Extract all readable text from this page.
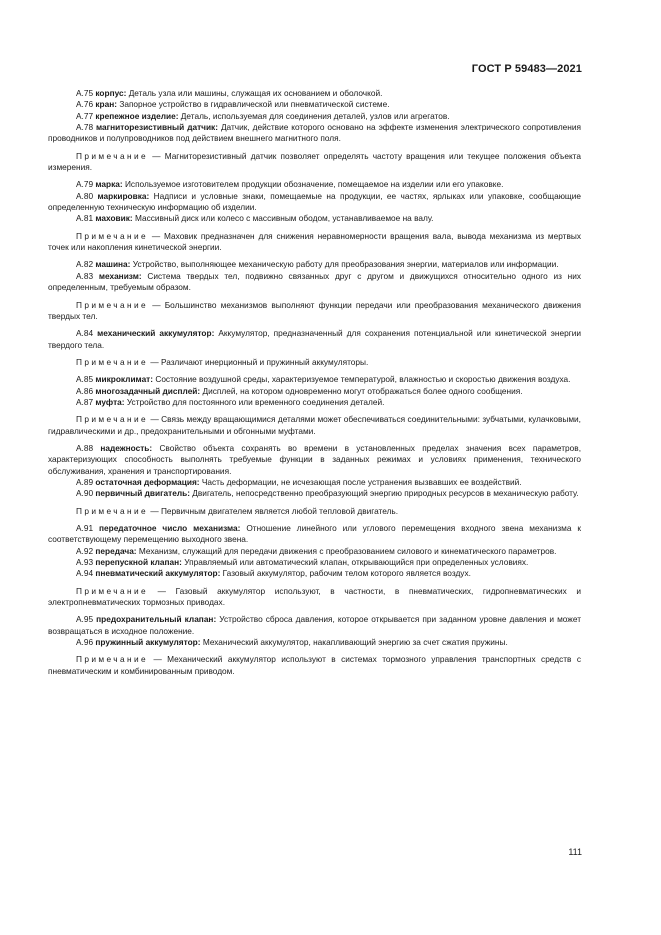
ГОСТ Р 59483—2021

А.75 корпус: Деталь узла или машины, служащая их основанием и оболочкой.

А.76 кран: Запорное устройство в гидравлической или пневматической системе.

А.77 крепежное изделие: Деталь, используемая для соединения деталей, узлов или агрегатов.

А.78 магниторезистивный датчик: Датчик, действие которого основано на эффекте изменения электрического сопротивления проводников и полупроводников под действием внешнего магнитного поля.

Примечание — Магниторезистивный датчик позволяет определять частоту вращения или текущее положения объекта измерения.

А.79 марка: Используемое изготовителем продукции обозначение, помещаемое на изделии или его упаковке.

А.80 маркировка: Надписи и условные знаки, помещаемые на продукции, ее частях, ярлыках или упаковке, сообщающие определенную техническую информацию об изделии.

А.81 маховик: Массивный диск или колесо с массивным ободом, устанавливаемое на валу.

Примечание — Маховик предназначен для снижения неравномерности вращения вала, вывода механизма из мертвых точек или накопления кинетической энергии.

А.82 машина: Устройство, выполняющее механическую работу для преобразования энергии, материалов или информации.

А.83 механизм: Система твердых тел, подвижно связанных друг с другом и движущихся относительно одного из них определенным, требуемым образом.

Примечание — Большинство механизмов выполняют функции передачи или преобразования механического движения твердых тел.

А.84 механический аккумулятор: Аккумулятор, предназначенный для сохранения потенциальной или кинетической энергии твердого тела.

Примечание — Различают инерционный и пружинный аккумуляторы.

А.85 микроклимат: Состояние воздушной среды, характеризуемое температурой, влажностью и скоростью движения воздуха.

А.86 многозадачный дисплей: Дисплей, на котором одновременно могут отображаться более одного сообщения.

А.87 муфта: Устройство для постоянного или временного соединения деталей.

Примечание — Связь между вращающимися деталями может обеспечиваться соединительными: зубчатыми, кулачковыми, гидравлическими и др., предохранительными и обгонными муфтами.

А.88 надежность: Свойство объекта сохранять во времени в установленных пределах значения всех параметров, характеризующих способность выполнять требуемые функции в заданных режимах и условиях применения, технического обслуживания, хранения и транспортирования.

А.89 остаточная деформация: Часть деформации, не исчезающая после устранения вызвавших ее воздействий.

А.90 первичный двигатель: Двигатель, непосредственно преобразующий энергию природных ресурсов в механическую работу.

Примечание — Первичным двигателем является любой тепловой двигатель.

А.91 передаточное число механизма: Отношение линейного или углового перемещения входного звена механизма к соответствующему перемещению выходного звена.

А.92 передача: Механизм, служащий для передачи движения с преобразованием силового и кинематического параметров.

А.93 перепускной клапан: Управляемый или автоматический клапан, открывающийся при определенных условиях.

А.94 пневматический аккумулятор: Газовый аккумулятор, рабочим телом которого является воздух.

Примечание — Газовый аккумулятор используют, в частности, в пневматических, гидропневматических и электропневматических тормозных приводах.

А.95 предохранительный клапан: Устройство сброса давления, которое открывается при заданном уровне давления и может возвращаться в исходное положение.

А.96 пружинный аккумулятор: Механический аккумулятор, накапливающий энергию за счет сжатия пружины.

Примечание — Механический аккумулятор используют в системах тормозного управления транспортных средств с пневматическим и комбинированным приводом.

111
